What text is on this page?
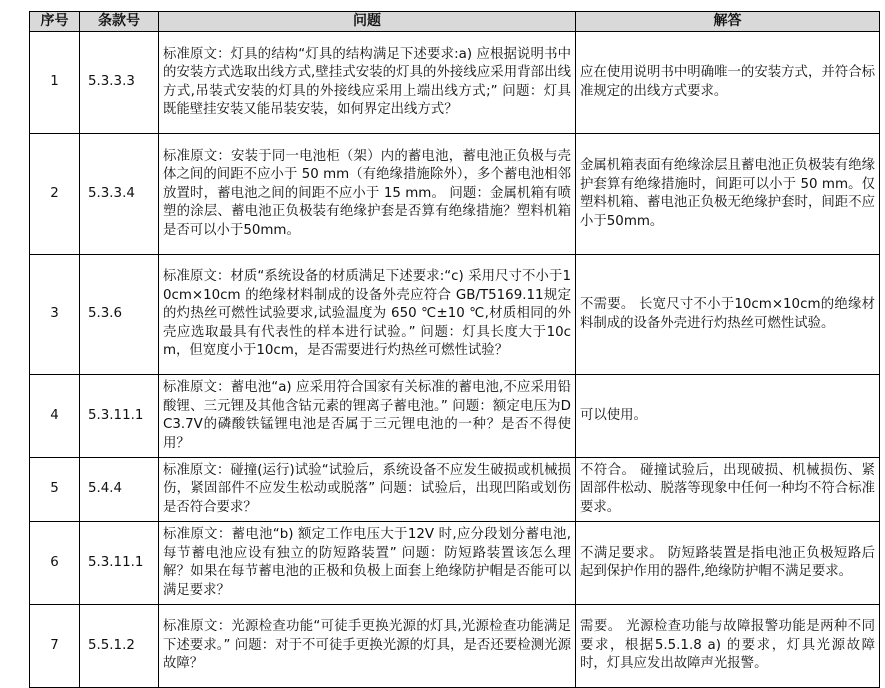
序号	条款号	问题	解答
1	5.3.3.3	标准原文：灯具的结构“灯具的结构满足下述要求:a) 应根据说明书中的安装方式选取出线方式,壁挂式安装的灯具的外接线应采用背部出线方式,吊装式安装的灯具的外接线应采用上端出线方式;” 问题：灯具既能壁挂安装又能吊装安装，如何界定出线方式？	应在使用说明书中明确唯一的安装方式，并符合标准规定的出线方式要求。
2	5.3.3.4	标准原文：安装于同一电池柜（架）内的蓄电池，蓄电池正负极与壳体之间的间距不应小于 50 mm（有绝缘措施除外），多个蓄电池相邻放置时，蓄电池之间的间距不应小于 15 mm。 问题：金属机箱有喷塑的涂层、蓄电池正负极装有绝缘护套是否算有绝缘措施？塑料机箱是否可以小于50mm。	金属机箱表面有绝缘涂层且蓄电池正负极装有绝缘护套算有绝缘措施时，间距可以小于 50 mm。仅塑料机箱、蓄电池正负极无绝缘护套时，间距不应小于50mm。
3	5.3.6	标准原文：材质“系统设备的材质满足下述要求:“c) 采用尺寸不小于10cm×10cm 的绝缘材料制成的设备外壳应符合 GB/T5169.11规定的灼热丝可燃性试验要求,试验温度为 650 ℃±10 ℃,材质相同的外壳应选取最具有代表性的样本进行试验。” 问题：灯具长度大于10cm，但宽度小于10cm，是否需要进行灼热丝可燃性试验？	不需要。 长宽尺寸不小于10cm×10cm的绝缘材料制成的设备外壳进行灼热丝可燃性试验。
4	5.3.11.1	标准原文：蓄电池“a) 应采用符合国家有关标准的蓄电池,不应采用铅酸锂、三元锂及其他含钴元素的锂离子蓄电池。” 问题：额定电压为DC3.7V的磷酸铁锰锂电池是否属于三元锂电池的一种？是否不得使用？	可以使用。
5	5.4.4	标准原文：碰撞(运行)试验“试验后，系统设备不应发生破损或机械损伤，紧固部件不应发生松动或脱落” 问题：试验后，出现凹陷或划伤是否符合要求？	不符合。 碰撞试验后，出现破损、机械损伤、紧固部件松动、脱落等现象中任何一种均不符合标准要求。
6	5.3.11.1	标准原文：蓄电池“b) 额定工作电压大于12V 时,应分段划分蓄电池,每节蓄电池应设有独立的防短路装置” 问题：防短路装置该怎么理解？如果在每节蓄电池的正极和负极上面套上绝缘防护帽是否能可以满足要求？	不满足要求。 防短路装置是指电池正负极短路后起到保护作用的器件,绝缘防护帽不满足要求。
7	5.5.1.2	标准原文：光源检查功能“可徒手更换光源的灯具,光源检查功能满足下述要求。” 问题：对于不可徒手更换光源的灯具，是否还要检测光源故障？	需要。 光源检查功能与故障报警功能是两种不同要求，根据5.5.1.8 a) 的要求，灯具光源故障时，灯具应发出故障声光报警。
